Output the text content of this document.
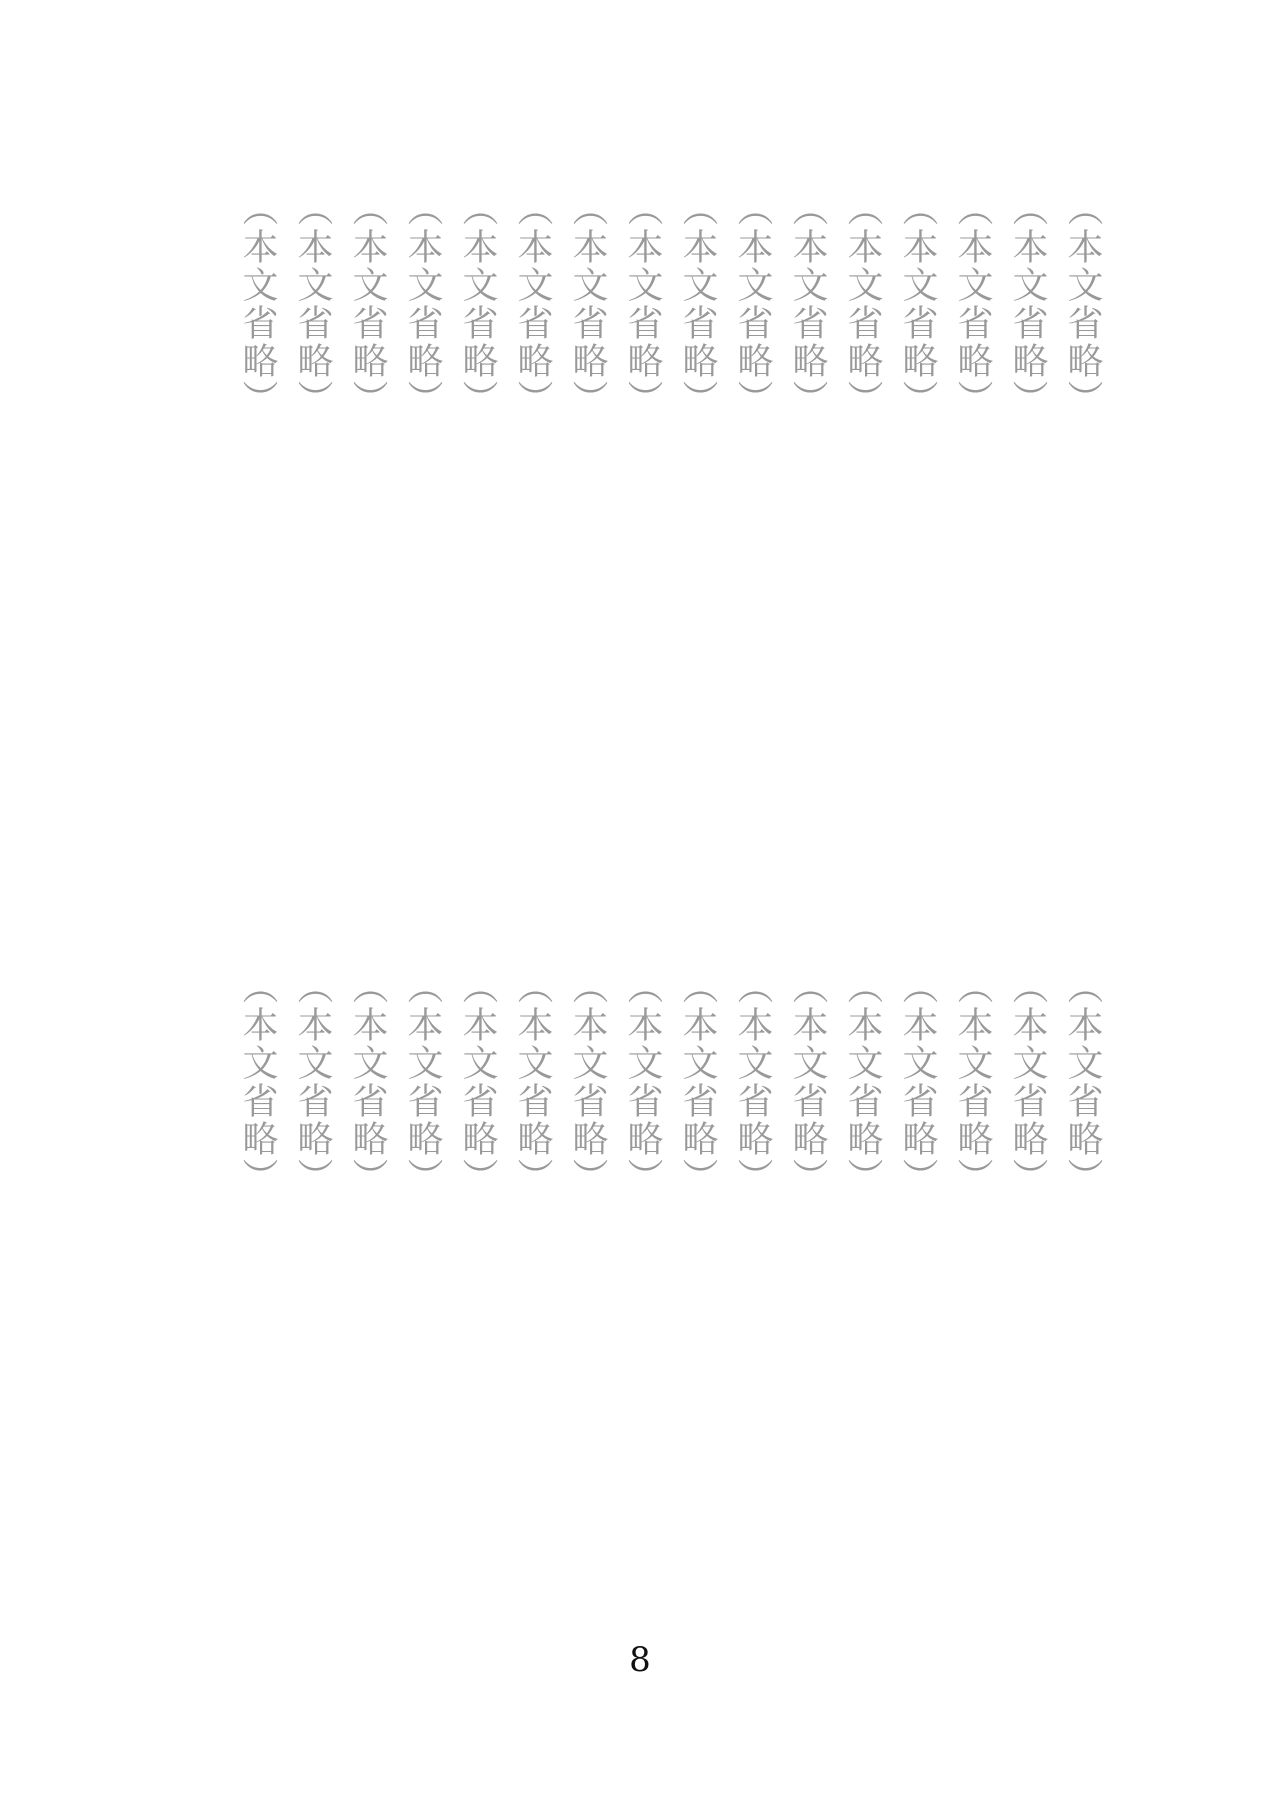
（本文省略）
（本文省略）
（本文省略）
（本文省略）
（本文省略）
（本文省略）
（本文省略）
（本文省略）
（本文省略）
（本文省略）
（本文省略）
（本文省略）
（本文省略）
（本文省略）
（本文省略）
（本文省略）
（本文省略）
（本文省略）
（本文省略）
（本文省略）
（本文省略）
（本文省略）
（本文省略）
（本文省略）
（本文省略）
（本文省略）
（本文省略）
（本文省略）
（本文省略）
（本文省略）
（本文省略）
（本文省略）
8
